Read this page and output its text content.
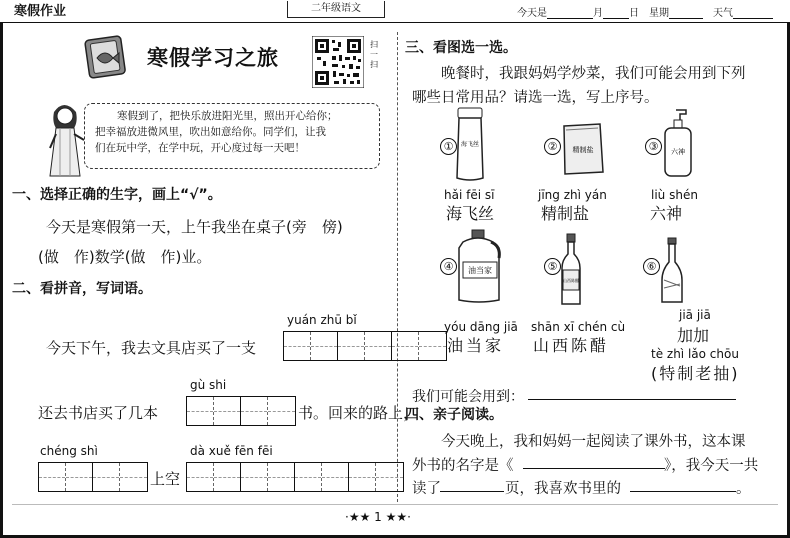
寒假作业	二年级语文	今天是	月	日　 星期　	天气
寒假学习之旅
扫一扫
寒假到了，把快乐放进阳光里，照出开心给你；
把幸福放进微风里，吹出如意给你。同学们，让我
们在玩中学，在学中玩，开心度过每一天吧！
一、选择正确的生字，画上“√”。
今天是寒假第一天，上午我坐在桌子(旁　傍)
(做　作)数学(做　作)业。
二、看拼音，写词语。
yuán zhū bǐ
今天下午，我去文具店买了一支
gù shi
还去书店买了几本	书。回来的路上，
chéng shì
上空
dà xuě fēn fēi
三、看图选一选。
晚餐时，我跟妈妈学炒菜，我们可能会用到下列
哪些日常用品？请选一选，写上序号。
①	海飞丝	②	精制盐	③	六神
hǎi fēi sī
海飞丝
jīng zhì yán
精制盐
liù shén
六神
④	油当家	⑤
山西陈醋
⑥
yóu dāng jiā
油当家
shān xī chén cù
山西陈醋
jiā jiā
加加
tè zhì lǎo chōu
(特制老抽)
我们可能会用到：
四、亲子阅读。
今天晚上，我和妈妈一起阅读了课外书，这本课
外书的名字是《	》，我今天一共
读了	页，我喜欢书里的	。
·★★ 1 ★★·
